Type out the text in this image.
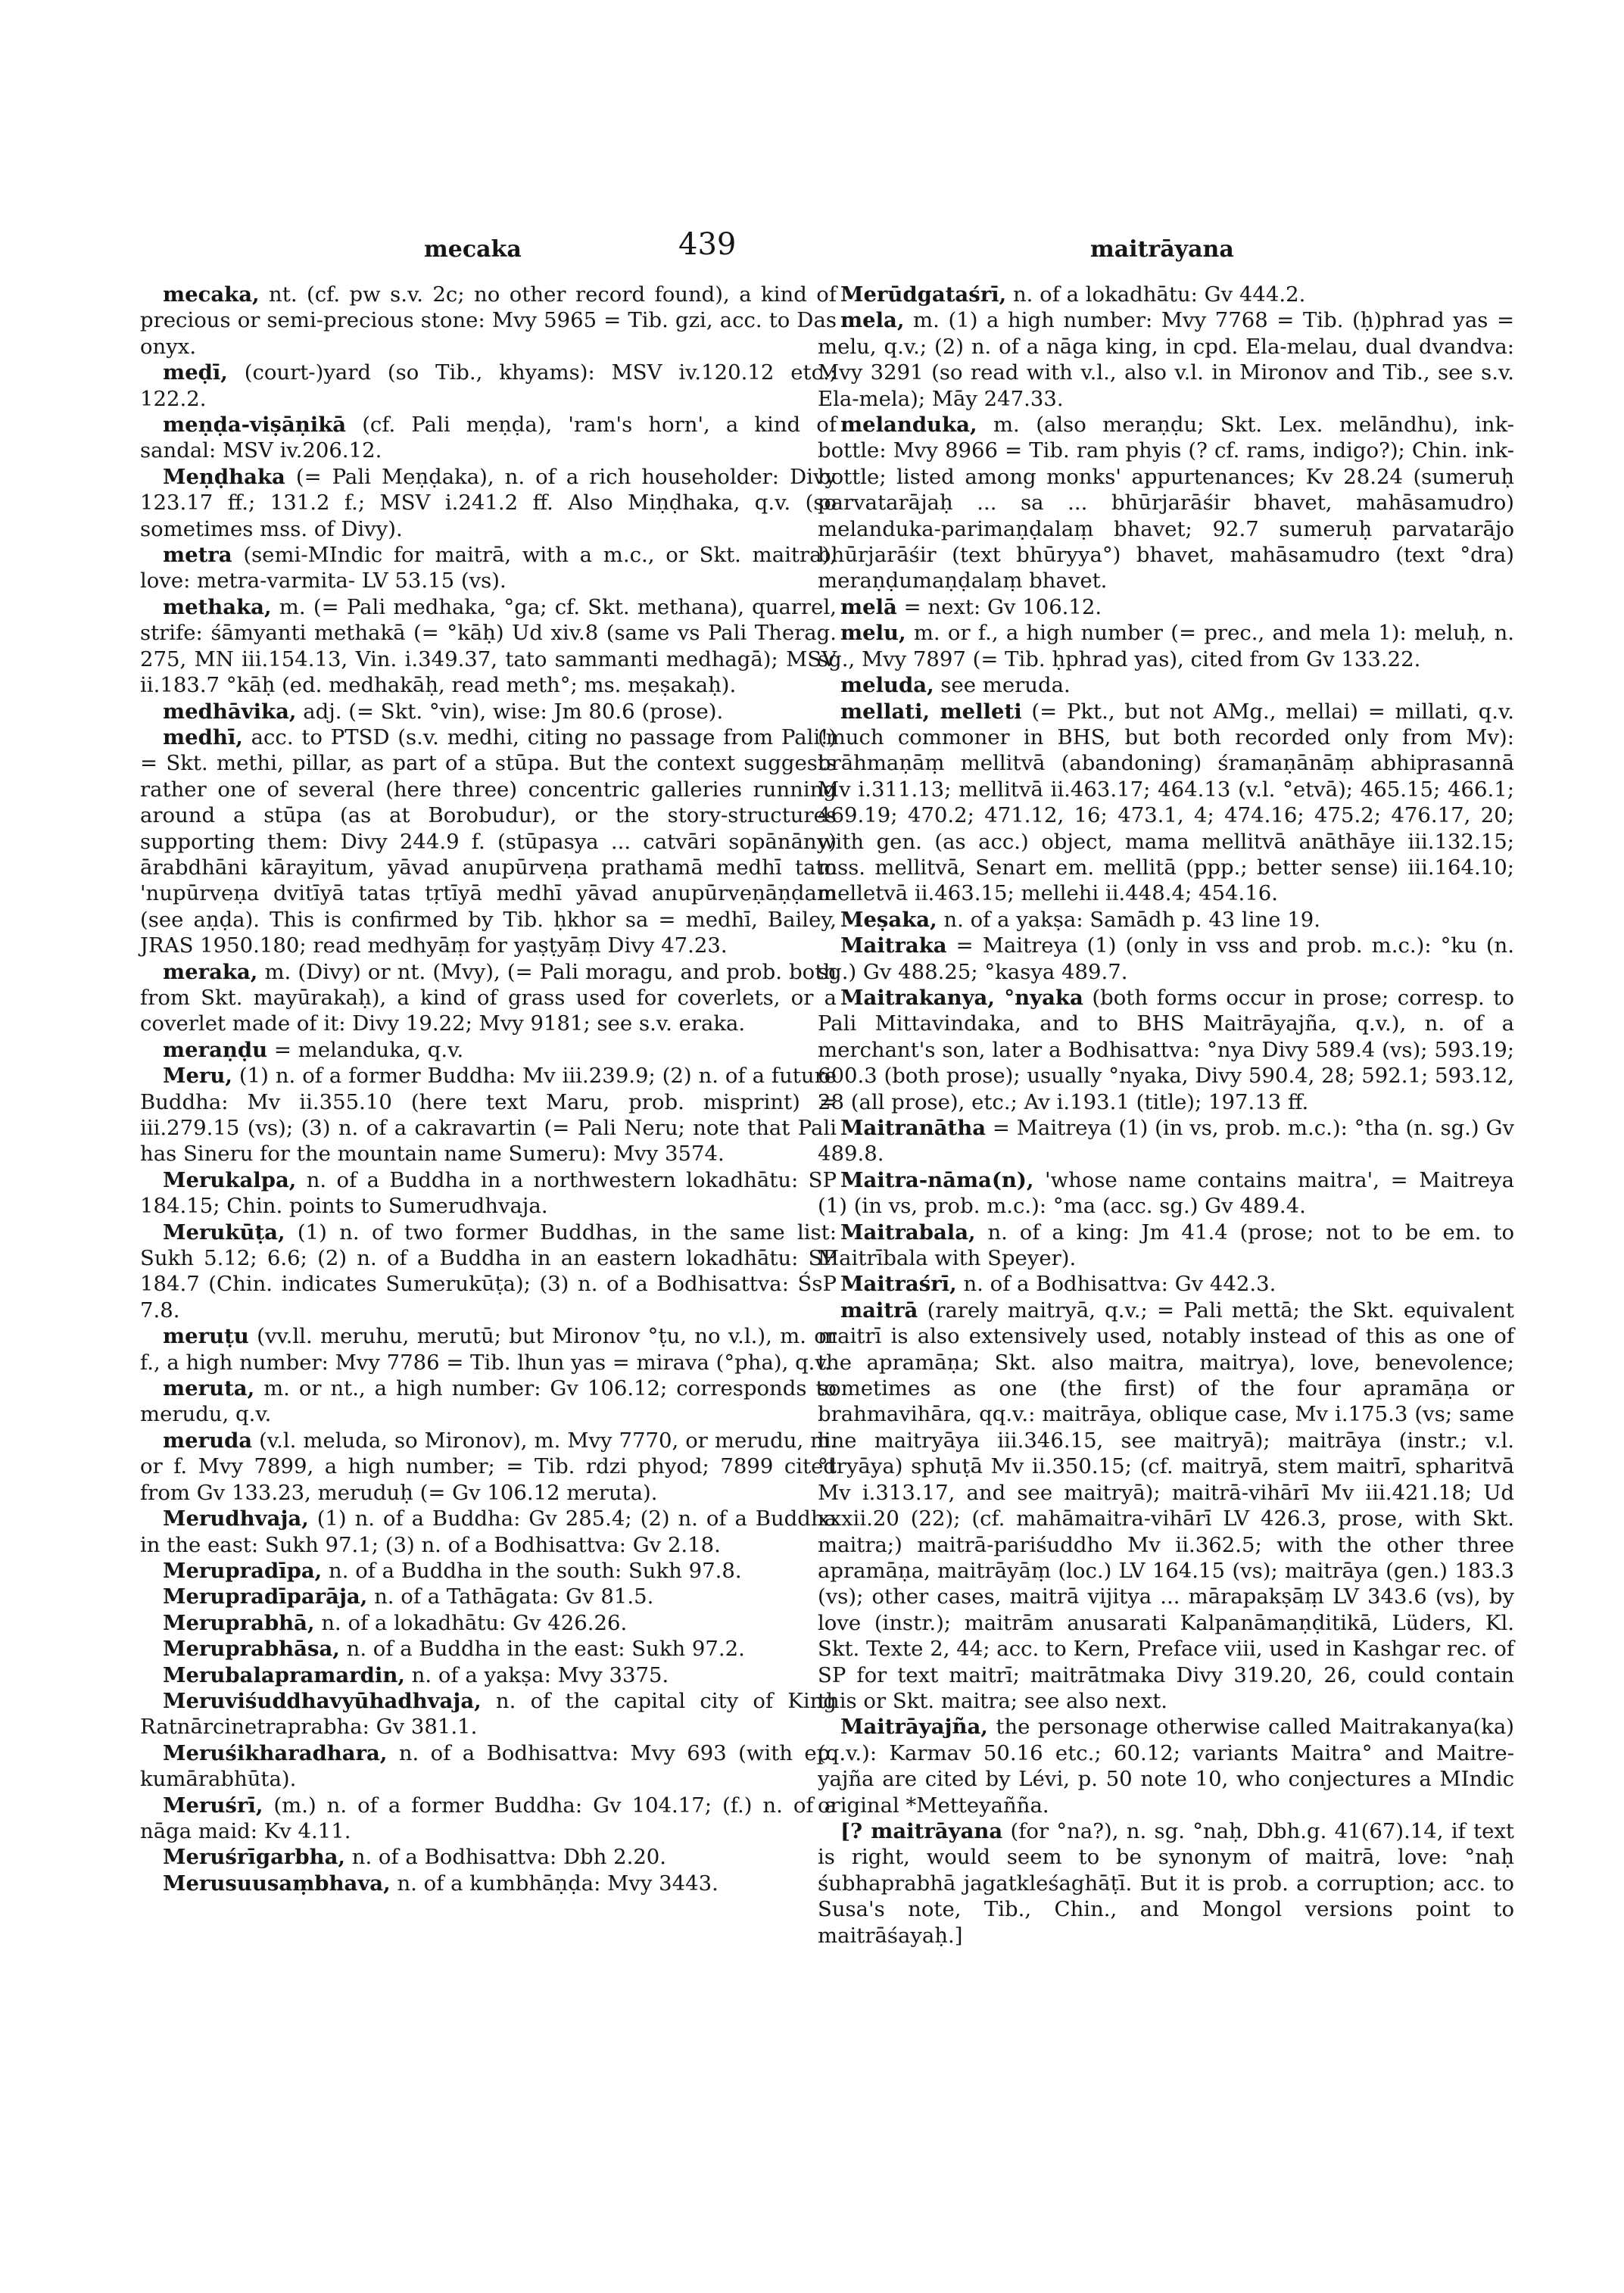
mecaka	439	maitrāyana

mecaka, nt. (cf. pw s.v. 2c; no other record found), a kind of precious or semi-precious stone: Mvy 5965 = Tib. gzi, acc. to Das onyx.

meḍī, (court-)yard (so Tib., khyams): MSV iv.120.12 etc.; 122.2.

meṇḍa-viṣāṇikā (cf. Pali meṇḍa), 'ram's horn', a kind of sandal: MSV iv.206.12.

Meṇḍhaka (= Pali Meṇḍaka), n. of a rich householder: Divy 123.17 ff.; 131.2 f.; MSV i.241.2 ff. Also Miṇḍhaka, q.v. (so sometimes mss. of Divy).

metra (semi-MIndic for maitrā, with a m.c., or Skt. maitra), love: metra-varmita- LV 53.15 (vs).

methaka, m. (= Pali medhaka, °ga; cf. Skt. methana), quarrel, strife: śāmyanti methakā (= °kāḥ) Ud xiv.8 (same vs Pali Therag. 275, MN iii.154.13, Vin. i.349.37, tato sammanti medhagā); MSV ii.183.7 °kāḥ (ed. medhakāḥ, read meth°; ms. meṣakaḥ).

medhāvika, adj. (= Skt. °vin), wise: Jm 80.6 (prose).

medhī, acc. to PTSD (s.v. medhi, citing no passage from Pali!) = Skt. methi, pillar, as part of a stūpa. But the context suggests rather one of several (here three) concentric galleries running around a stūpa (as at Borobudur), or the story-structures supporting them: Divy 244.9 f. (stūpasya ... catvāri sopānāny) ārabdhāni kārayitum, yāvad anupūrveṇa prathamā medhī tato 'nupūrveṇa dvitīyā tatas tṛtīyā medhī yāvad anupūrveṇāṇḍam (see aṇḍa). This is confirmed by Tib. ḥkhor sa = medhī, Bailey, JRAS 1950.180; read medhyāṃ for yaṣṭyāṃ Divy 47.23.

meraka, m. (Divy) or nt. (Mvy), (= Pali moragu, and prob. both from Skt. mayūrakaḥ), a kind of grass used for coverlets, or a coverlet made of it: Divy 19.22; Mvy 9181; see s.v. eraka.

meraṇḍu = melanduka, q.v.

Meru, (1) n. of a former Buddha: Mv iii.239.9; (2) n. of a future Buddha: Mv ii.355.10 (here text Maru, prob. misprint) = iii.279.15 (vs); (3) n. of a cakravartin (= Pali Neru; note that Pali has Sineru for the mountain name Sumeru): Mvy 3574.

Merukalpa, n. of a Buddha in a northwestern lokadhātu: SP 184.15; Chin. points to Sumerudhvaja.

Merukūṭa, (1) n. of two former Buddhas, in the same list: Sukh 5.12; 6.6; (2) n. of a Buddha in an eastern lokadhātu: SP 184.7 (Chin. indicates Sumerukūṭa); (3) n. of a Bodhisattva: ŚsP 7.8.

meruṭu (vv.ll. meruhu, merutū; but Mironov °ṭu, no v.l.), m. or f., a high number: Mvy 7786 = Tib. lhun yas = mirava (°pha), q.v.

meruta, m. or nt., a high number: Gv 106.12; corresponds to merudu, q.v.

meruda (v.l. meluda, so Mironov), m. Mvy 7770, or merudu, m. or f. Mvy 7899, a high number; = Tib. rdzi phyod; 7899 cited from Gv 133.23, meruduḥ (= Gv 106.12 meruta).

Merudhvaja, (1) n. of a Buddha: Gv 285.4; (2) n. of a Buddha in the east: Sukh 97.1; (3) n. of a Bodhisattva: Gv 2.18.

Merupradīpa, n. of a Buddha in the south: Sukh 97.8.

Merupradīparāja, n. of a Tathāgata: Gv 81.5.

Meruprabhā, n. of a lokadhātu: Gv 426.26.

Meruprabhāsa, n. of a Buddha in the east: Sukh 97.2.

Merubalapramardin, n. of a yakṣa: Mvy 3375.

Meruviśuddhavyūhadhvaja, n. of the capital city of King Ratnārcinetraprabha: Gv 381.1.

Meruśikharadhara, n. of a Bodhisattva: Mvy 693 (with ep. kumārabhūta).

Meruśrī, (m.) n. of a former Buddha: Gv 104.17; (f.) n. of a nāga maid: Kv 4.11.

Meruśrīgarbha, n. of a Bodhisattva: Dbh 2.20.

Merusuusaṃbhava, n. of a kumbhāṇḍa: Mvy 3443.

Merūdgataśrī, n. of a lokadhātu: Gv 444.2.

mela, m. (1) a high number: Mvy 7768 = Tib. (ḥ)phrad yas = melu, q.v.; (2) n. of a nāga king, in cpd. Ela-melau, dual dvandva: Mvy 3291 (so read with v.l., also v.l. in Mironov and Tib., see s.v. Ela-mela); Māy 247.33.

melanduka, m. (also meraṇḍu; Skt. Lex. melāndhu), ink-bottle: Mvy 8966 = Tib. ram phyis (? cf. rams, indigo?); Chin. ink-bottle; listed among monks' appurtenances; Kv 28.24 (sumeruḥ parvatarājaḥ ... sa ... bhūrjarāśir bhavet, mahāsamudro) melanduka-parimaṇḍalaṃ bhavet; 92.7 sumeruḥ parvatarājo bhūrjarāśir (text bhūryya°) bhavet, mahāsamudro (text °dra) meraṇḍumaṇḍalaṃ bhavet.

melā = next: Gv 106.12.

melu, m. or f., a high number (= prec., and mela 1): meluḥ, n. sg., Mvy 7897 (= Tib. ḥphrad yas), cited from Gv 133.22.

meluda, see meruda.

mellati, melleti (= Pkt., but not AMg., mellai) = millati, q.v. (much commoner in BHS, but both recorded only from Mv): brāhmaṇāṃ mellitvā (abandoning) śramaṇānāṃ abhiprasannā Mv i.311.13; mellitvā ii.463.17; 464.13 (v.l. °etvā); 465.15; 466.1; 469.19; 470.2; 471.12, 16; 473.1, 4; 474.16; 475.2; 476.17, 20; with gen. (as acc.) object, mama mellitvā anāthāye iii.132.15; mss. mellitvā, Senart em. mellitā (ppp.; better sense) iii.164.10; melletvā ii.463.15; mellehi ii.448.4; 454.16.

Meṣaka, n. of a yakṣa: Samādh p. 43 line 19.

Maitraka = Maitreya (1) (only in vss and prob. m.c.): °ku (n. sg.) Gv 488.25; °kasya 489.7.

Maitrakanya, °nyaka (both forms occur in prose; corresp. to Pali Mittavindaka, and to BHS Maitrāyajña, q.v.), n. of a merchant's son, later a Bodhisattva: °nya Divy 589.4 (vs); 593.19; 600.3 (both prose); usually °nyaka, Divy 590.4, 28; 592.1; 593.12, 28 (all prose), etc.; Av i.193.1 (title); 197.13 ff.

Maitranātha = Maitreya (1) (in vs, prob. m.c.): °tha (n. sg.) Gv 489.8.

Maitra-nāma(n), 'whose name contains maitra', = Maitreya (1) (in vs, prob. m.c.): °ma (acc. sg.) Gv 489.4.

Maitrabala, n. of a king: Jm 41.4 (prose; not to be em. to Maitrībala with Speyer).

Maitraśrī, n. of a Bodhisattva: Gv 442.3.

maitrā (rarely maitryā, q.v.; = Pali mettā; the Skt. equivalent maitrī is also extensively used, notably instead of this as one of the apramāṇa; Skt. also maitra, maitrya), love, benevolence; sometimes as one (the first) of the four apramāṇa or brahmavihāra, qq.v.: maitrāya, oblique case, Mv i.175.3 (vs; same line maitryāya iii.346.15, see maitryā); maitrāya (instr.; v.l. °tryāya) sphuṭā Mv ii.350.15; (cf. maitryā, stem maitrī, spharitvā Mv i.313.17, and see maitryā); maitrā-vihārī Mv iii.421.18; Ud xxxii.20 (22); (cf. mahāmaitra-vihārī LV 426.3, prose, with Skt. maitra;) maitrā-pariśuddho Mv ii.362.5; with the other three apramāṇa, maitrāyāṃ (loc.) LV 164.15 (vs); maitrāya (gen.) 183.3 (vs); other cases, maitrā vijitya ... mārapakṣāṃ LV 343.6 (vs), by love (instr.); maitrām anusarati Kalpanāmaṇḍitikā, Lüders, Kl. Skt. Texte 2, 44; acc. to Kern, Preface viii, used in Kashgar rec. of SP for text maitrī; maitrātmaka Divy 319.20, 26, could contain this or Skt. maitra; see also next.

Maitrāyajña, the personage otherwise called Maitrakanya(ka) (q.v.): Karmav 50.16 etc.; 60.12; variants Maitra° and Maitre-yajña are cited by Lévi, p. 50 note 10, who conjectures a MIndic original *Metteyañña.

[? maitrāyana (for °na?), n. sg. °naḥ, Dbh.g. 41(67).14, if text is right, would seem to be synonym of maitrā, love: °naḥ śubhaprabhā jagatkleśaghāṭī. But it is prob. a corruption; acc. to Susa's note, Tib., Chin., and Mongol versions point to maitrāśayaḥ.]
